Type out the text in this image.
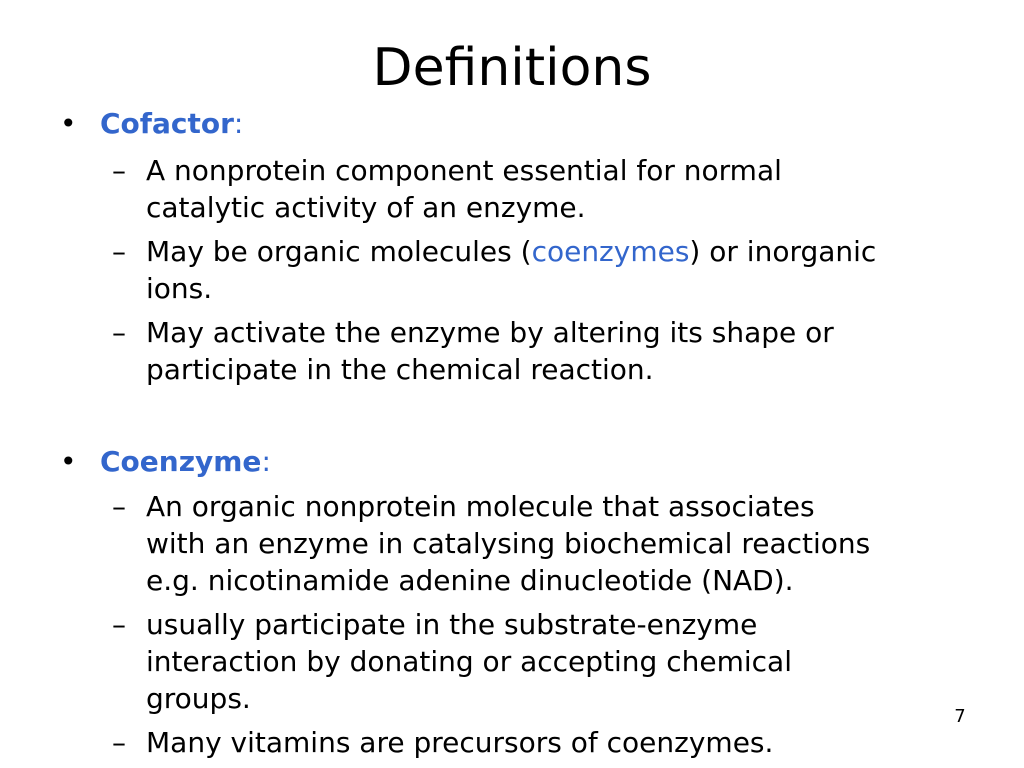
Definitions
• Cofactor:
– A nonprotein component essential for normal
catalytic activity of an enzyme.
– May be organic molecules (coenzymes) or inorganic
ions.
– May activate the enzyme by altering its shape or
participate in the chemical reaction.
• Coenzyme:
– An organic nonprotein molecule that associates
with an enzyme in catalysing biochemical reactions
e.g. nicotinamide adenine dinucleotide (NAD).
– usually participate in the substrate-enzyme
interaction by donating or accepting chemical
groups.
– Many vitamins are precursors of coenzymes.
7
